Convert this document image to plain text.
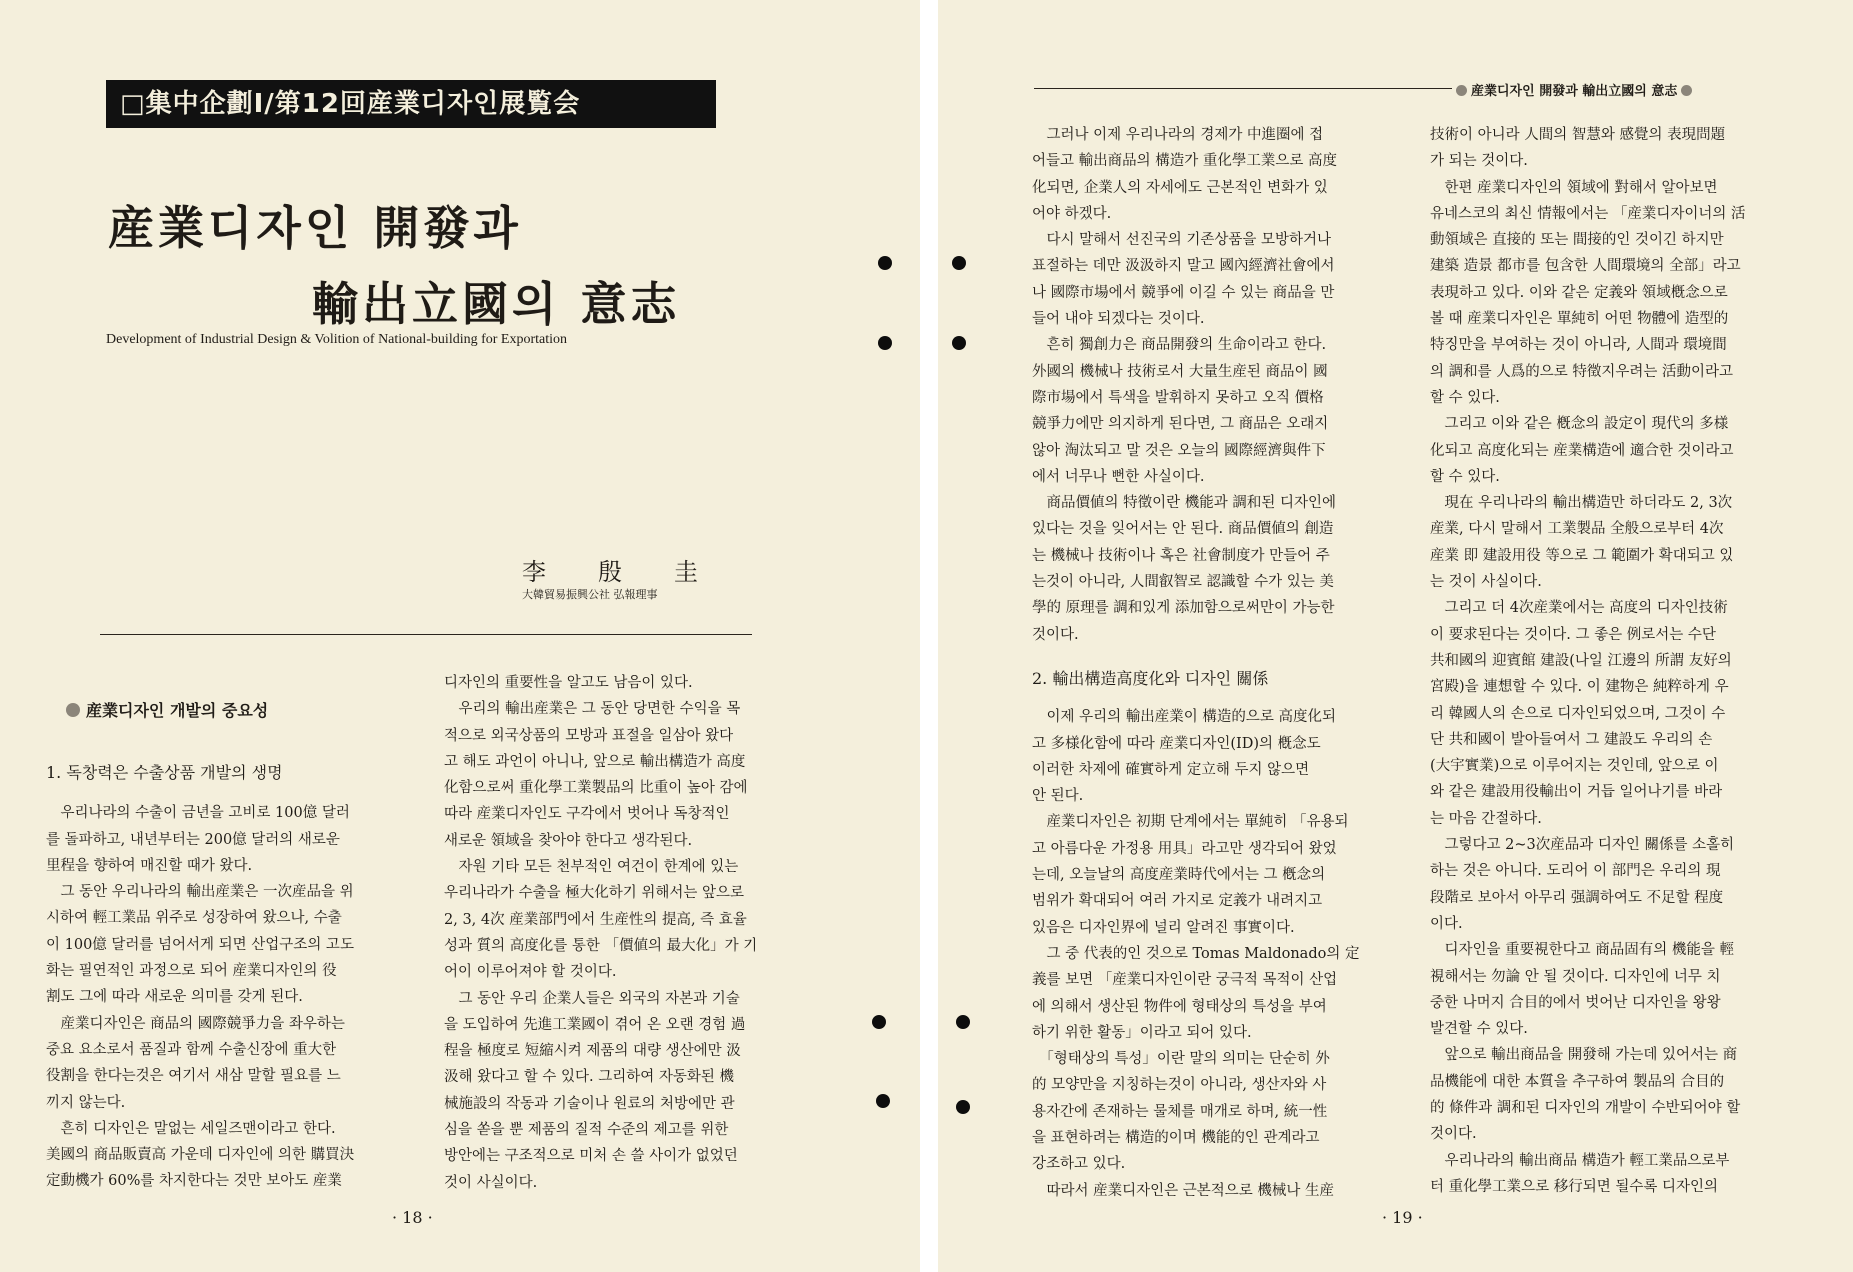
□集中企劃Ⅰ/第12回産業디자인展覧会
産業디자인 開發과
輸出立國의 意志
Development of Industrial Design & Volition of National-building for Exportation
李殷圭
大韓貿易振興公社 弘報理事
産業디자인 개발의 중요성
1. 독창력은 수출상품 개발의 생명
　우리나라의 수출이 금년을 고비로 100億 달러
를 돌파하고, 내년부터는 200億 달러의 새로운
里程을 향하여 매진할 때가 왔다.
　그 동안 우리나라의 輸出産業은 一次産品을 위
시하여 輕工業品 위주로 성장하여 왔으나, 수출
이 100億 달러를 넘어서게 되면 산업구조의 고도
화는 필연적인 과정으로 되어 産業디자인의 役
割도 그에 따라 새로운 의미를 갖게 된다.
　産業디자인은 商品의 國際競爭力을 좌우하는
중요 요소로서 품질과 함께 수출신장에 重大한
役割을 한다는것은 여기서 새삼 말할 필요를 느
끼지 않는다.
　흔히 디자인은 말없는 세일즈맨이라고 한다.
美國의 商品販賣高 가운데 디자인에 의한 購買決
定動機가 60%를 차지한다는 것만 보아도 産業
디자인의 重要性을 알고도 남음이 있다.
　우리의 輸出産業은 그 동안 당면한 수익을 목
적으로 외국상품의 모방과 표절을 일삼아 왔다
고 해도 과언이 아니나, 앞으로 輸出構造가 高度
化함으로써 重化學工業製品의 比重이 높아 감에
따라 産業디자인도 구각에서 벗어나 독창적인
새로운 領域을 찾아야 한다고 생각된다.
　자원 기타 모든 천부적인 여건이 한계에 있는
우리나라가 수출을 極大化하기 위해서는 앞으로
2, 3, 4次 産業部門에서 生産性의 提高, 즉 효율
성과 質의 高度化를 통한 「價値의 最大化」가 기
어이 이루어져야 할 것이다.
　그 동안 우리 企業人들은 외국의 자본과 기술
을 도입하여 先進工業國이 겪어 온 오랜 경험 過
程을 極度로 短縮시켜 제품의 대량 생산에만 汲
汲해 왔다고 할 수 있다. 그리하여 자동화된 機
械施設의 작동과 기술이나 원료의 처방에만 관
심을 쏟을 뿐 제품의 질적 수준의 제고를 위한
방안에는 구조적으로 미처 손 쓸 사이가 없었던
것이 사실이다.
· 18 ·
産業디자인 開發과 輸出立國의 意志
　그러나 이제 우리나라의 경제가 中進圈에 접
어들고 輸出商品의 構造가 重化學工業으로 高度
化되면, 企業人의 자세에도 근본적인 변화가 있
어야 하겠다.
　다시 말해서 선진국의 기존상품을 모방하거나
표절하는 데만 汲汲하지 말고 國內經濟社會에서
나 國際市場에서 競爭에 이길 수 있는 商品을 만
들어 내야 되겠다는 것이다.
　흔히 獨創力은 商品開發의 生命이라고 한다.
外國의 機械나 技術로서 大量生産된 商品이 國
際市場에서 특색을 발휘하지 못하고 오직 價格
競爭力에만 의지하게 된다면, 그 商品은 오래지
않아 淘汰되고 말 것은 오늘의 國際經濟與件下
에서 너무나 뻔한 사실이다.
　商品價値의 特徵이란 機能과 調和된 디자인에
있다는 것을 잊어서는 안 된다. 商品價値의 創造
는 機械나 技術이나 혹은 社會制度가 만들어 주
는것이 아니라, 人間叡智로 認識할 수가 있는 美
學的 原理를 調和있게 添加함으로써만이 가능한
것이다.
2. 輸出構造高度化와 디자인 關係
　이제 우리의 輸出産業이 構造的으로 高度化되
고 多様化함에 따라 産業디자인(ID)의 槪念도
이러한 차제에 確實하게 定立해 두지 않으면
안 된다.
　産業디자인은 初期 단계에서는 單純히 「유용되
고 아름다운 가정용 用具」라고만 생각되어 왔었
는데, 오늘날의 高度産業時代에서는 그 槪念의
범위가 확대되어 여러 가지로 定義가 내려지고
있음은 디자인界에 널리 알려진 事實이다.
　그 중 代表的인 것으로 Tomas Maldonado의 定
義를 보면 「産業디자인이란 궁극적 목적이 산업
에 의해서 생산된 物件에 형태상의 특성을 부여
하기 위한 활동」이라고 되어 있다.
　「형태상의 특성」이란 말의 의미는 단순히 外
的 모양만을 지칭하는것이 아니라, 생산자와 사
용자간에 존재하는 물체를 매개로 하며, 統一性
을 표현하려는 構造的이며 機能的인 관계라고
강조하고 있다.
　따라서 産業디자인은 근본적으로 機械나 生産
技術이 아니라 人間의 智慧와 感覺의 表現問題
가 되는 것이다.
　한편 産業디자인의 領域에 對해서 알아보면
유네스코의 최신 情報에서는 「産業디자이너의 活
動領域은 直接的 또는 間接的인 것이긴 하지만
建築 造景 都市를 包含한 人間環境의 全部」라고
表現하고 있다. 이와 같은 定義와 領域槪念으로
볼 때 産業디자인은 單純히 어떤 物體에 造型的
特징만을 부여하는 것이 아니라, 人間과 環境間
의 調和를 人爲的으로 特徵지우려는 活動이라고
할 수 있다.
　그리고 이와 같은 槪念의 設定이 現代의 多様
化되고 高度化되는 産業構造에 適合한 것이라고
할 수 있다.
　現在 우리나라의 輸出構造만 하더라도 2, 3次
産業, 다시 말해서 工業製品 全般으로부터 4次
産業 即 建設用役 等으로 그 範圍가 확대되고 있
는 것이 사실이다.
　그리고 더 4次産業에서는 高度의 디자인技術
이 要求된다는 것이다. 그 좋은 例로서는 수단
共和國의 迎賓館 建設(나일 江邊의 所謂 友好의
宮殿)을 連想할 수 있다. 이 建物은 純粹하게 우
리 韓國人의 손으로 디자인되었으며, 그것이 수
단 共和國이 발아들여서 그 建設도 우리의 손
(大宇實業)으로 이루어지는 것인데, 앞으로 이
와 같은 建設用役輸出이 거듭 일어나기를 바라
는 마음 간절하다.
　그렇다고 2~3次産品과 디자인 關係를 소홀히
하는 것은 아니다. 도리어 이 部門은 우리의 現
段階로 보아서 아무리 强調하여도 不足할 程度
이다.
　디자인을 重要視한다고 商品固有의 機能을 輕
視해서는 勿論 안 될 것이다. 디자인에 너무 치
중한 나머지 合目的에서 벗어난 디자인을 왕왕
발견할 수 있다.
　앞으로 輸出商品을 開發해 가는데 있어서는 商
品機能에 대한 本質을 추구하여 製品의 合目的
的 條件과 調和된 디자인의 개발이 수반되어야 할
것이다.
　우리나라의 輸出商品 構造가 輕工業品으로부
터 重化學工業으로 移行되면 될수록 디자인의
· 19 ·
